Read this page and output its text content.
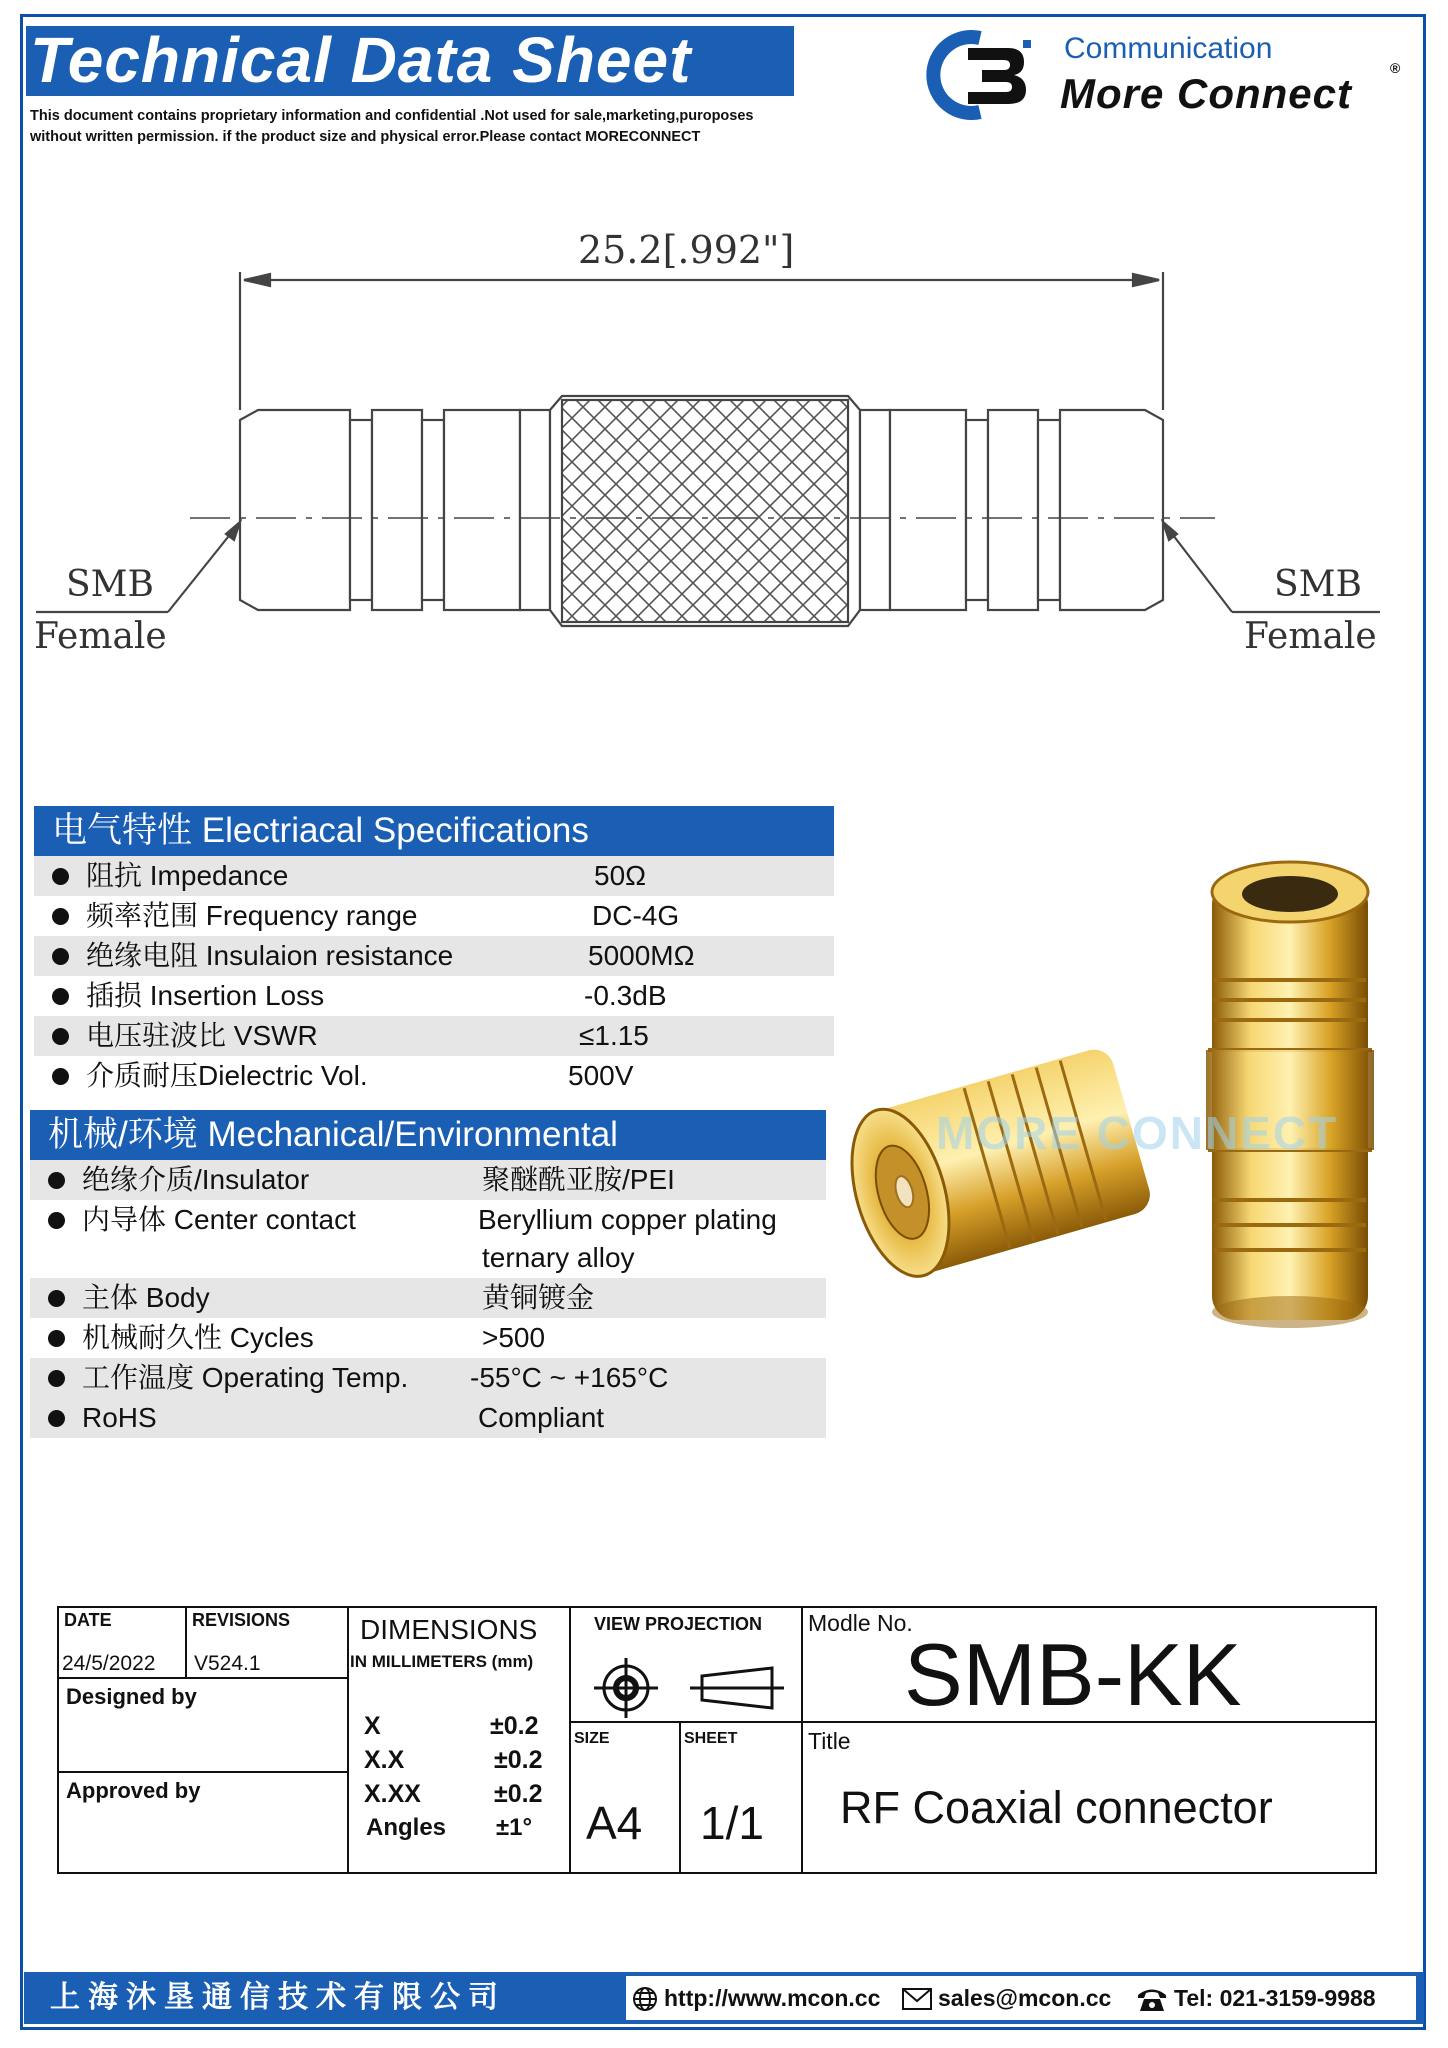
Technical Data Sheet
This document contains proprietary information and confidential .Not used for sale,marketing,puroposes
without written permission. if the product size and physical error.Please contact MORECONNECT
Communication
More Connect
®
25.2[.992"]
SMB
Female
SMB
Female
电气特性 Electriacal Specifications
阻抗 Impedance	50Ω
频率范围 Frequency range	DC-4G
绝缘电阻 Insulaion resistance	5000MΩ
插损 Insertion Loss	-0.3dB
电压驻波比 VSWR	≤1.15
介质耐压Dielectric Vol.	500V
机械/环境 Mechanical/Environmental
绝缘介质/Insulator	聚醚酰亚胺/PEI
内导体 Center contact	Beryllium copper plating
ternary alloy
主体 Body	黄铜镀金
机械耐久性 Cycles	>500
工作温度 Operating Temp. -55°C ~ +165°C
RoHS	Compliant
MORE CONNECT
DATE
24/5/2022
REVISIONS
V524.1
Designed by
Approved by
DIMENSIONS
IN MILLIMETERS (mm)
X	±0.2
X.X	±0.2
X.XX	±0.2
Angles ±1°
VIEW PROJECTION
SIZE
A4
SHEET
1/1
Modle No.
SMB-KK
Title
RF Coaxial connector
上海沐垦通信技术有限公司	http://www.mcon.cc	sales@mcon.cc	Tel: 021-3159-9988
